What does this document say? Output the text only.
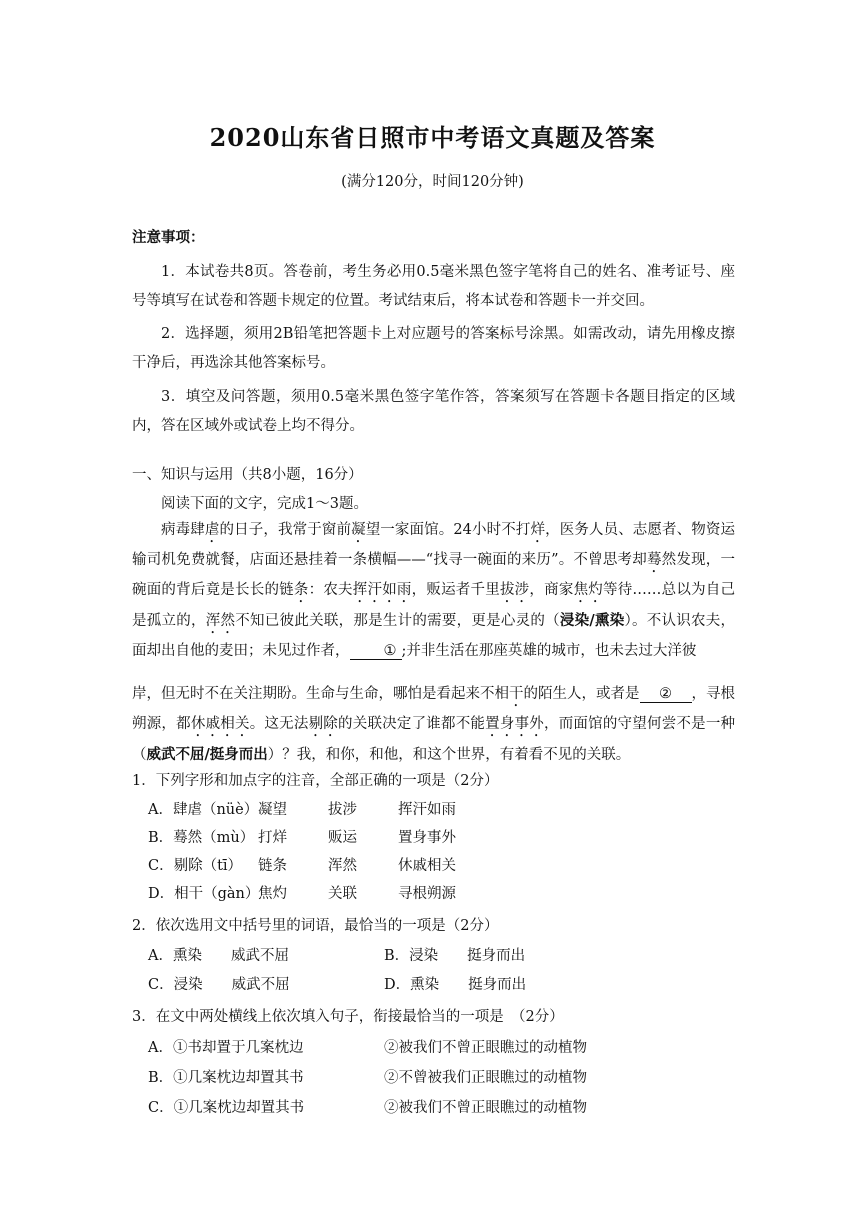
2020山东省日照市中考语文真题及答案
(满分120分，时间120分钟)
注意事项：
1．本试卷共8页。答卷前，考生务必用0.5毫米黑色签字笔将自己的姓名、准考证号、座号等填写在试卷和答题卡规定的位置。考试结束后，将本试卷和答题卡一并交回。
2．选择题，须用2B铅笔把答题卡上对应题号的答案标号涂黑。如需改动，请先用橡皮擦干净后，再选涂其他答案标号。
3．填空及问答题，须用0.5毫米黑色签字笔作答，答案须写在答题卡各题目指定的区域内，答在区域外或试卷上均不得分。
一、知识与运用（共8小题，16分）
阅读下面的文字，完成1～3题。
病毒肆虐的日子，我常于窗前凝望一家面馆。24小时不打烊，医务人员、志愿者、物资运输司机免费就餐，店面还悬挂着一条横幅——“找寻一碗面的来历”。不曾思考却蓦然发现，一碗面的背后竟是长长的链条：农夫挥汗如雨，贩运者千里拔涉，商家焦灼等待……总以为自己是孤立的，浑然不知已彼此关联，那是生计的需要，更是心灵的（浸染/熏染）。不认识农夫，面却出自他的麦田；未见过作者， ① ;并非生活在那座英雄的城市，也未去过大洋彼
岸，但无时不在关注期盼。生命与生命，哪怕是看起来不相干的陌生人，或者是 ② ，寻根朔源，都休戚相关。这无法剔除的关联决定了谁都不能置身事外，而面馆的守望何尝不是一种（威武不屈/挺身而出）？我，和你，和他，和这个世界，有着看不见的关联。
1．下列字形和加点字的注音，全部正确的一项是（2分）
A．肆虐（nüè）凝望	拔涉	挥汗如雨
B．蓦然（mù） 打烊	贩运	置身事外
C．剔除（tī） 链条	浑然	休戚相关
D．相干（gàn）焦灼	关联	寻根朔源
2．依次选用文中括号里的词语，最恰当的一项是（2分）
A．熏染　　威武不屈	B．浸染　　挺身而出
C．浸染　　威武不屈	D．熏染　　挺身而出
3．在文中两处横线上依次填入句子，衔接最恰当的一项是　（2分）
A．①书却置于几案枕边	②被我们不曾正眼瞧过的动植物
B．①几案枕边却置其书	②不曾被我们正眼瞧过的动植物
C．①几案枕边却置其书	②被我们不曾正眼瞧过的动植物
